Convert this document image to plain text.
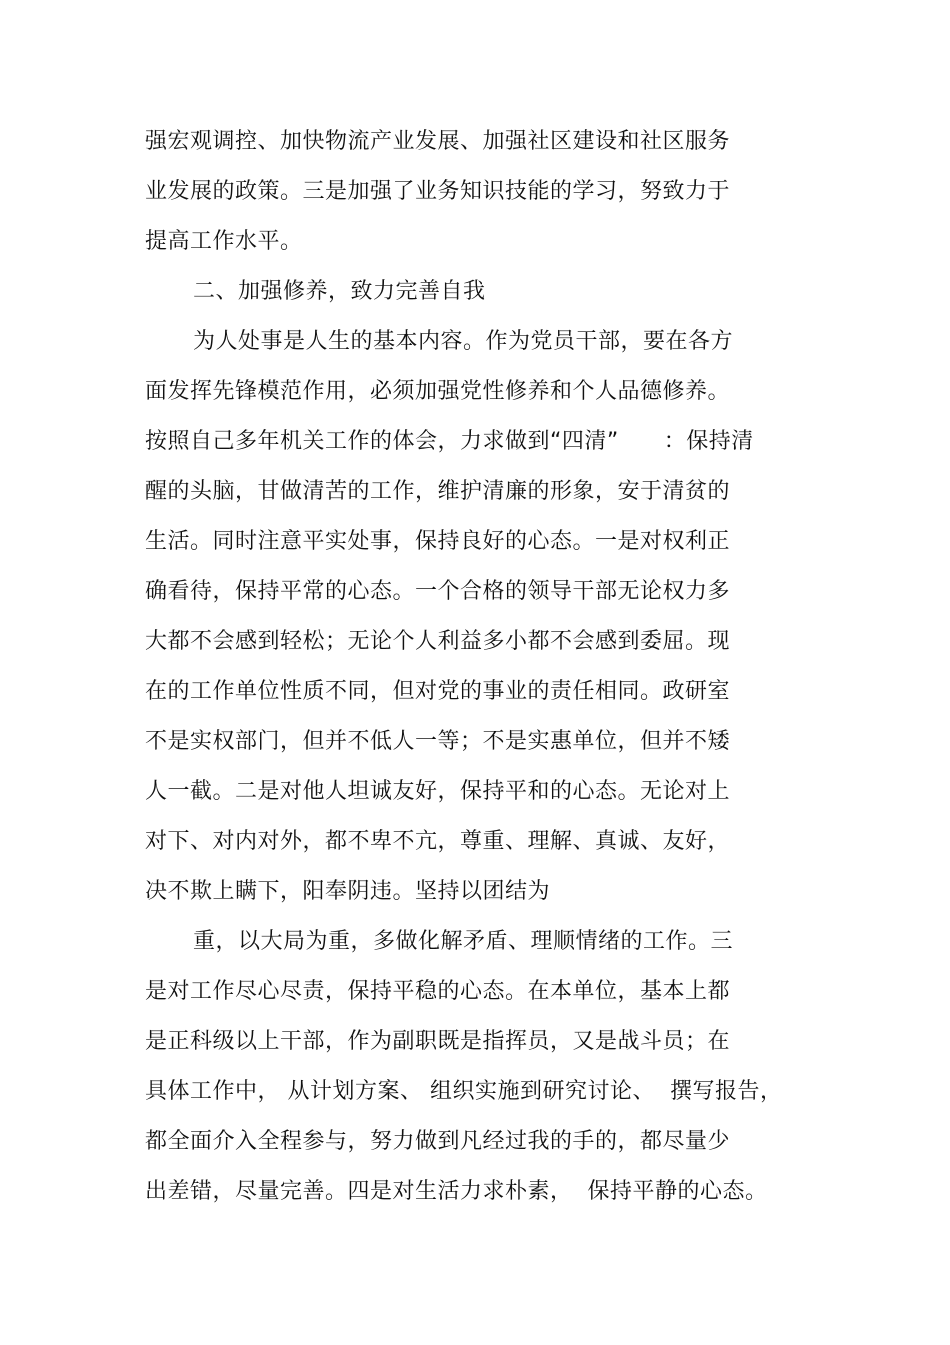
强宏观调控、加快物流产业发展、加强社区建设和社区服务
业发展的政策。三是加强了业务知识技能的学习，努致力于
提高工作水平。
二、加强修养，致力完善自我
为人处事是人生的基本内容。作为党员干部，要在各方
面发挥先锋模范作用，必须加强党性修养和个人品德修养。
按照自己多年机关工作的体会，力求做到“四清”      ：保持清
醒的头脑，甘做清苦的工作，维护清廉的形象，安于清贫的
生活。同时注意平实处事，保持良好的心态。一是对权利正
确看待，保持平常的心态。一个合格的领导干部无论权力多
大都不会感到轻松；无论个人利益多小都不会感到委屈。现
在的工作单位性质不同，但对党的事业的责任相同。政研室
不是实权部门，但并不低人一等；不是实惠单位，但并不矮
人一截。二是对他人坦诚友好，保持平和的心态。无论对上
对下、对内对外，都不卑不亢，尊重、理解、真诚、友好，
决不欺上瞒下，阳奉阴违。坚持以团结为
重，以大局为重，多做化解矛盾、理顺情绪的工作。三
是对工作尽心尽责，保持平稳的心态。在本单位，基本上都
是正科级以上干部，作为副职既是指挥员，又是战斗员；在
具体工作中， 从计划方案、 组织实施到研究讨论、  撰写报告，
都全面介入全程参与，努力做到凡经过我的手的，都尽量少
出差错，尽量完善。四是对生活力求朴素，  保持平静的心态。
